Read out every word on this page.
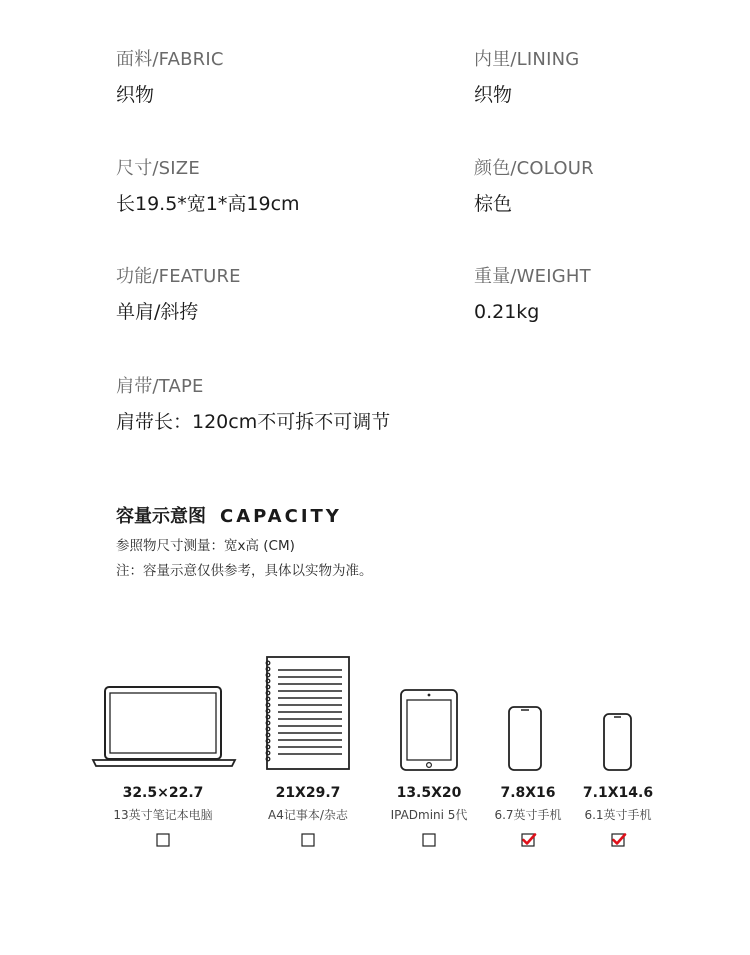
面料/FABRIC
织物
内里/LINING
织物
尺寸/SIZE
长19.5*宽1*高19cm
颜色/COLOUR
棕色
功能/FEATURE
单肩/斜挎
重量/WEIGHT
0.21kg
肩带/TAPE
肩带长：120cm不可拆不可调节
容量示意图 CAPACITY
参照物尺寸测量：宽x高 (CM)
注：容量示意仅供参考，具体以实物为准。
32.5×22.7
13英寸笔记本电脑
21X29.7
A4记事本/杂志
13.5X20
IPADmini 5代
7.8X16
6.7英寸手机
7.1X14.6
6.1英寸手机
